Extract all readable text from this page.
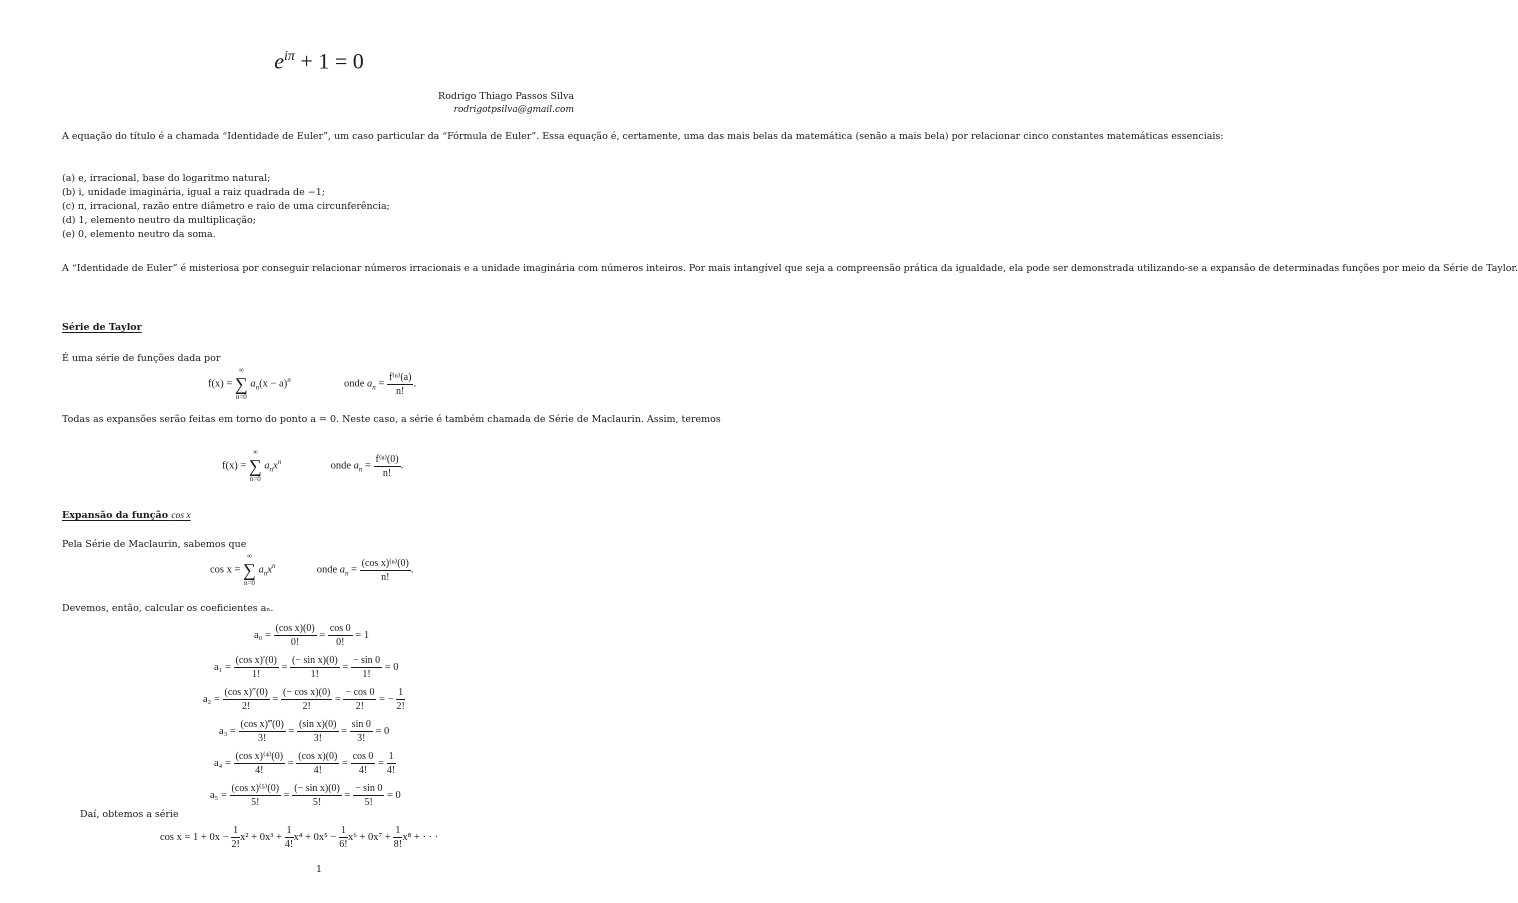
$e^{i\pi} + 1 = 0$
Rodrigo Thiago Passos Silva
rodrigotpsilva@gmail.com
A equação do título é a chamada “Identidade de Euler”, um caso particular da “Fórmula de Euler”. Essa equação é, certamente, uma das mais belas da matemática (senão a mais bela) por relacionar cinco constantes matemáticas essenciais:
(a) e, irracional, base do logaritmo natural;
(b) i, unidade imaginária, igual a raiz quadrada de −1;
(c) π, irracional, razão entre diâmetro e raio de uma circunferência;
(d) 1, elemento neutro da multiplicação;
(e) 0, elemento neutro da soma.
A “Identidade de Euler” é misteriosa por conseguir relacionar números irracionais e a unidade imaginária com números inteiros. Por mais intangível que seja a compreensão prática da igualdade, ela pode ser demonstrada utilizando-se a expansão de determinadas funções por meio da Série de Taylor.
Série de Taylor
É uma série de funções dada por
f(x) =
∞
∑
n=0
$a_n(x - a)^n$	onde $a_n = \frac{\text{f⁽ⁿ⁾(a)}}{n!}$ .
Todas as expansões serão feitas em torno do ponto a = 0. Neste caso, a série é também chamada de Série de Maclaurin. Assim, teremos
f(x) =
∞
∑
n=0
$a_nx^n$	onde $a_n = \frac{\text{f⁽ⁿ⁾(0)}}{n!}$ .
Expansão da função cos x
Pela Série de Maclaurin, sabemos que
cos x =
∞
∑
n=0
$a_nx^n$	onde $a_n = \frac{\text{(cos x)⁽ⁿ⁾(0)}}{n!}$ .
Devemos, então, calcular os coeficientes aₙ.
$a_0 = \frac{\text{(cos x)(0)}}{0!} = \frac{\cos 0}{0!} = 1$
$a_1 = \frac{\text{(cos x)′(0)}}{1!} = \frac{\text{(− sin x)(0)}}{1!} = \frac{- \sin 0}{1!} = 0$
$a_2 = \frac{\text{(cos x)″(0)}}{2!} = \frac{\text{(− cos x)(0)}}{2!} = \frac{- \cos 0}{2!}$ = − $\frac{1}{2!}$
$a_3 = \frac{\text{(cos x)‴(0)}}{3!} = \frac{\text{(sin x)(0)}}{3!} = \frac{\sin 0}{3!} = 0$
$a_4 = \frac{\text{(cos x)⁽⁴⁾(0)}}{4!} = \frac{\text{(cos x)(0)}}{4!} = \frac{\cos 0}{4!} = \frac{1}{4!}$
$a_5 = \frac{\text{(cos x)⁽⁵⁾(0)}}{5!} = \frac{\text{(− sin x)(0)}}{5!} = \frac{- \sin 0}{5!} = 0$
Daí, obtemos a série
$\cos x = 1 + 0x - \frac{1}{2!} x^2 + 0x^3 + \frac{1}{4!} x^4 + 0x^5 - \frac{1}{6!} x^6 + 0x^7 + \frac{1}{8!} x^8$ + · · ·
1
